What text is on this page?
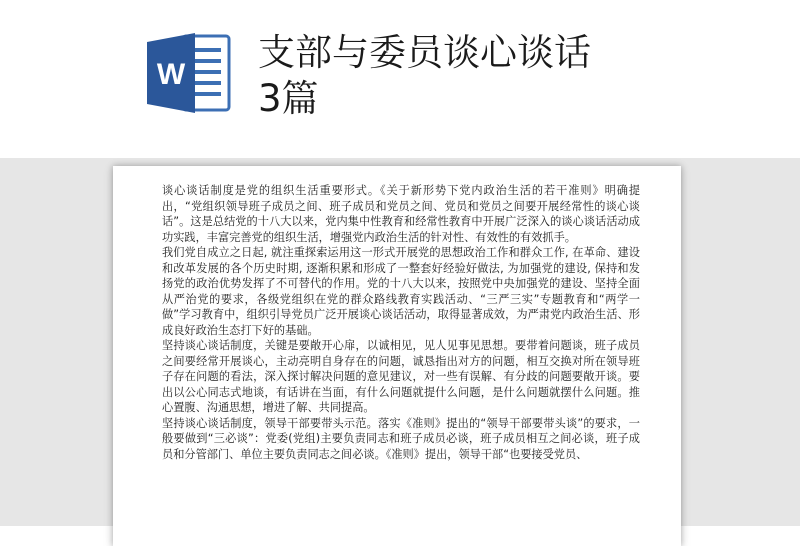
W
支部与委员谈心谈话
3篇

谈心谈话制度是党的组织生活重要形式。《关于新形势下党内政治生活的若干准则》明确提出，“党组织领导班子成员之间、班子成员和党员之间、党员和党员之间要开展经常性的谈心谈话”。这是总结党的十八大以来，党内集中性教育和经常性教育中开展广泛深入的谈心谈话活动成功实践，丰富完善党的组织生活，增强党内政治生活的针对性、有效性的有效抓手。

我们党自成立之日起, 就注重探索运用这一形式开展党的思想政治工作和群众工作, 在革命、建设和改革发展的各个历史时期, 逐渐积累和形成了一整套好经验好做法, 为加强党的建设, 保持和发扬党的政治优势发挥了不可替代的作用。党的十八大以来，按照党中央加强党的建设、坚持全面从严治党的要求，各级党组织在党的群众路线教育实践活动、“三严三实”专题教育和“两学一做”学习教育中，组织引导党员广泛开展谈心谈话活动，取得显著成效，为严肃党内政治生活、形成良好政治生态打下好的基础。

坚持谈心谈话制度，关键是要敞开心扉，以诚相见，见人见事见思想。要带着问题谈，班子成员之间要经常开展谈心，主动亮明自身存在的问题，诚恳指出对方的问题，相互交换对所在领导班子存在问题的看法，深入探讨解决问题的意见建议，对一些有误解、有分歧的问题要敞开谈。要出以公心同志式地谈，有话讲在当面，有什么问题就提什么问题，是什么问题就摆什么问题。推心置腹、沟通思想，增进了解、共同提高。

坚持谈心谈话制度，领导干部要带头示范。落实《准则》提出的“领导干部要带头谈”的要求，一般要做到“三必谈”：党委(党组)主要负责同志和班子成员必谈，班子成员相互之间必谈，班子成员和分管部门、单位主要负责同志之间必谈。《准则》提出，领导干部“也要接受党员、
